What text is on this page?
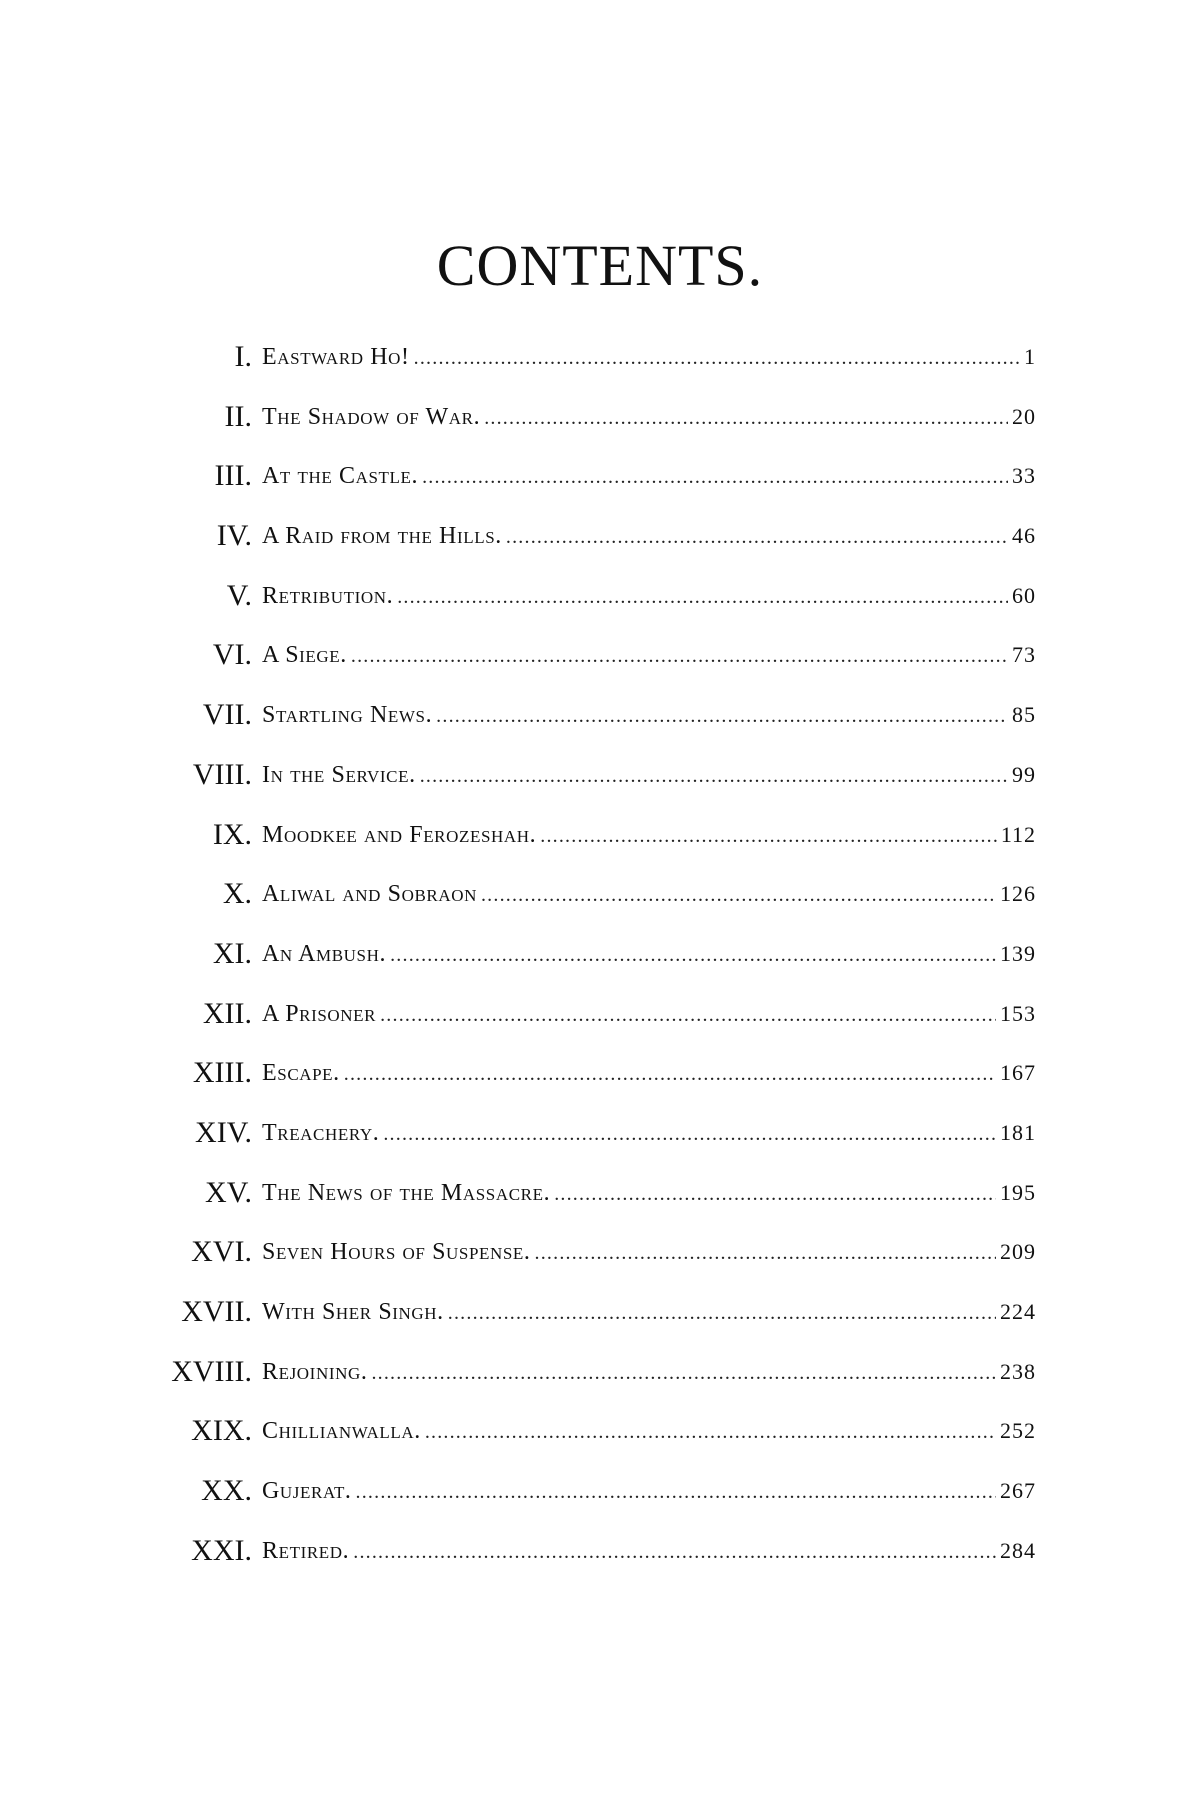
CONTENTS.
I. Eastward Ho! .....	1
II. The Shadow of War. .....	20
III. At the Castle. .....	33
IV. A Raid from the Hills. .....	46
V. Retribution. .....	60
VI. A Siege. .....	73
VII. Startling News. .....	85
VIII. In the Service. .....	99
IX. Moodkee and Ferozeshah. .....	112
X. Aliwal and Sobraon .....	126
XI. An Ambush. .....	139
XII. A Prisoner .....	153
XIII. Escape. .....	167
XIV. Treachery. .....	181
XV. The News of the Massacre. .....	195
XVI. Seven Hours of Suspense. .....	209
XVII. With Sher Singh. .....	224
XVIII. Rejoining. .....	238
XIX. Chillianwalla. .....	252
XX. Gujerat. .....	267
XXI. Retired. .....	284
